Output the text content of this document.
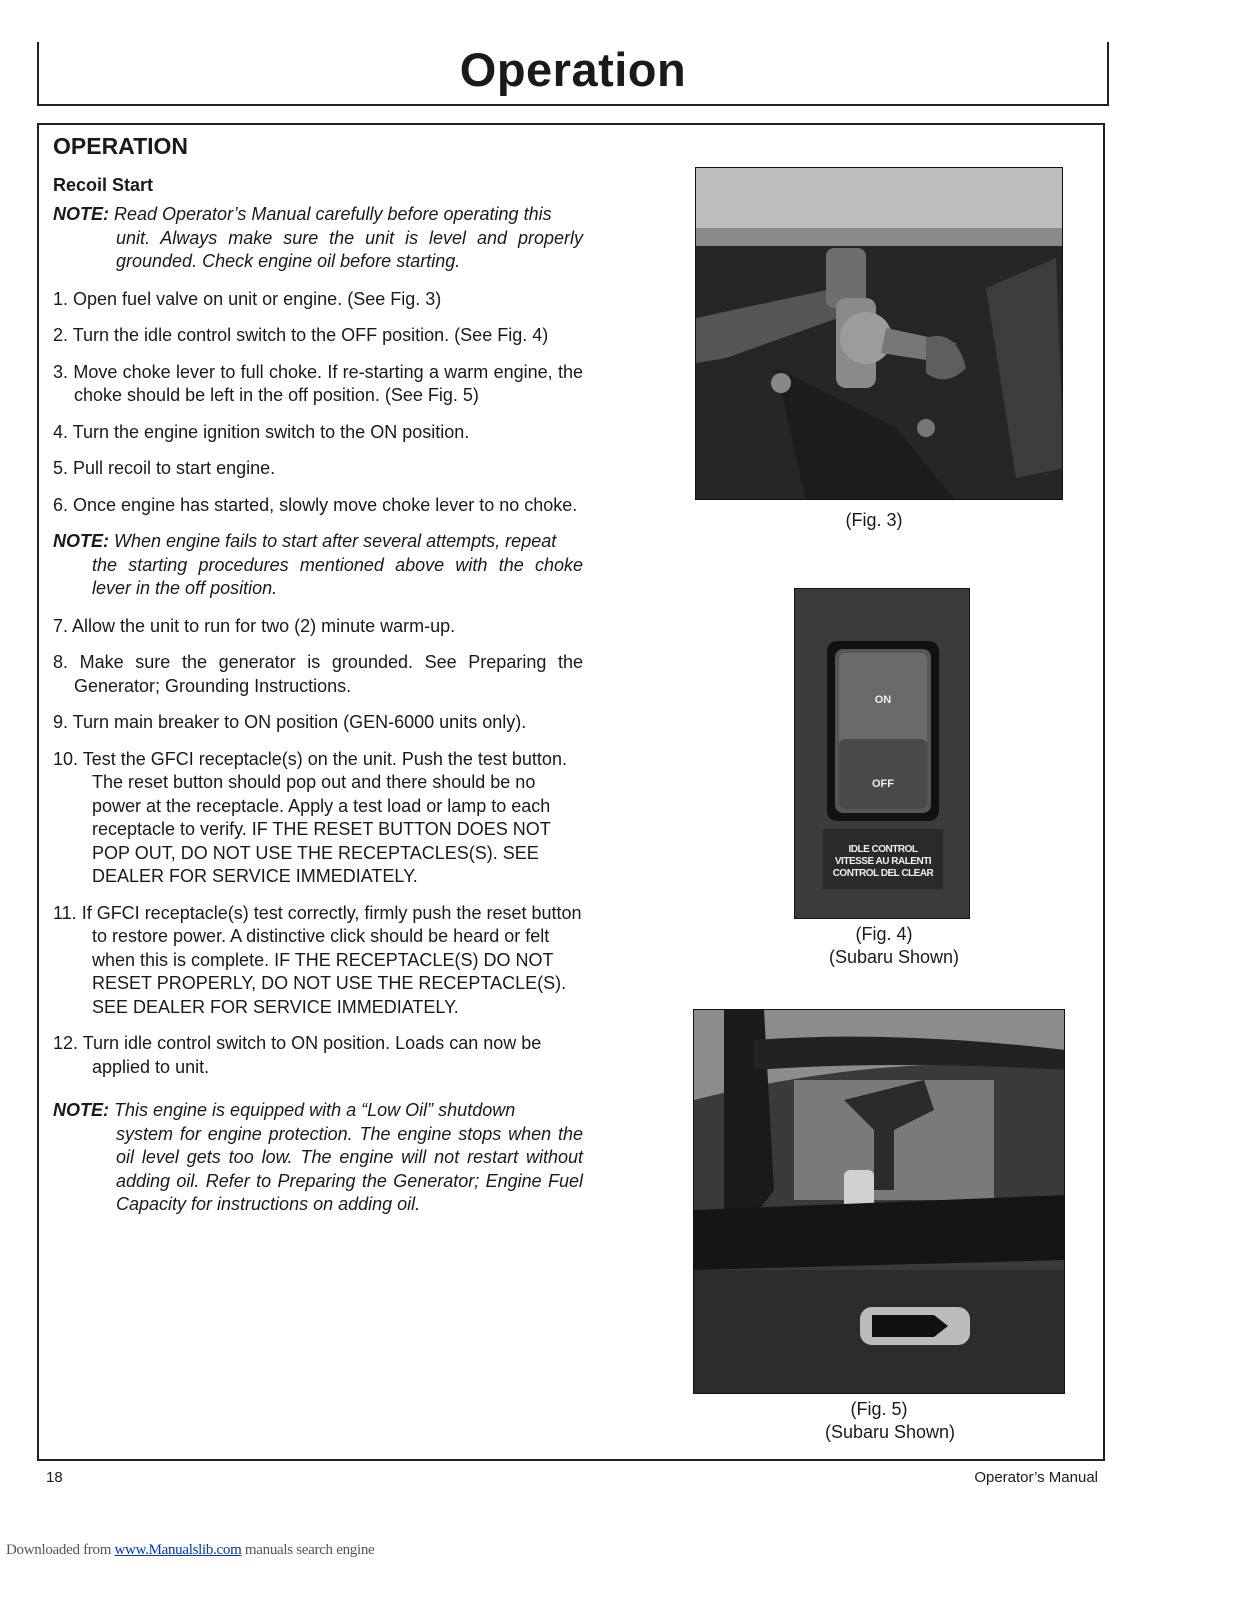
Operation
OPERATION
Recoil Start

NOTE: Read Operator’s Manual carefully before operating this
unit. Always make sure the unit is level and properly grounded. Check engine oil before starting.

1. Open fuel valve on unit or engine. (See Fig. 3)

2. Turn the idle control switch to the OFF position. (See Fig. 4)

3. Move choke lever to full choke. If re-starting a warm engine, the choke should be left in the off position. (See Fig. 5)

4. Turn the engine ignition switch to the ON position.

5. Pull recoil to start engine.

6. Once engine has started, slowly move choke lever to no choke.

NOTE: When engine fails to start after several attempts, repeat
the starting procedures mentioned above with the choke lever in the off position.

7. Allow the unit to run for two (2) minute warm-up.

8. Make sure the generator is grounded. See Preparing the Generator; Grounding Instructions.

9. Turn main breaker to ON position (GEN-6000 units only).

10. Test the GFCI receptacle(s) on the unit. Push the test button. The reset button should pop out and there should be no power at the receptacle. Apply a test load or lamp to each receptacle to verify. IF THE RESET BUTTON DOES NOT POP OUT, DO NOT USE THE RECEPTACLES(S). SEE DEALER FOR SERVICE IMMEDIATELY.

11. If GFCI receptacle(s) test correctly, firmly push the reset button to restore power. A distinctive click should be heard or felt when this is complete. IF THE RECEPTACLE(S) DO NOT RESET PROPERLY, DO NOT USE THE RECEPTACLE(S). SEE DEALER FOR SERVICE IMMEDIATELY.

12. Turn idle control switch to ON position. Loads can now be applied to unit.

NOTE: This engine is equipped with a “Low Oil” shutdown
system for engine protection. The engine stops when the oil level gets too low. The engine will not restart without adding oil. Refer to Preparing the Generator; Engine Fuel Capacity for instructions on adding oil.

(Fig. 3)
ON
OFF
IDLE CONTROL
VITESSE AU RALENTI
CONTROL DEL CLEAR
(Fig. 4)
(Subaru Shown)
(Fig. 5)
(Subaru Shown)
18	Operator’s Manual
Downloaded from www.Manualslib.com manuals search engine
